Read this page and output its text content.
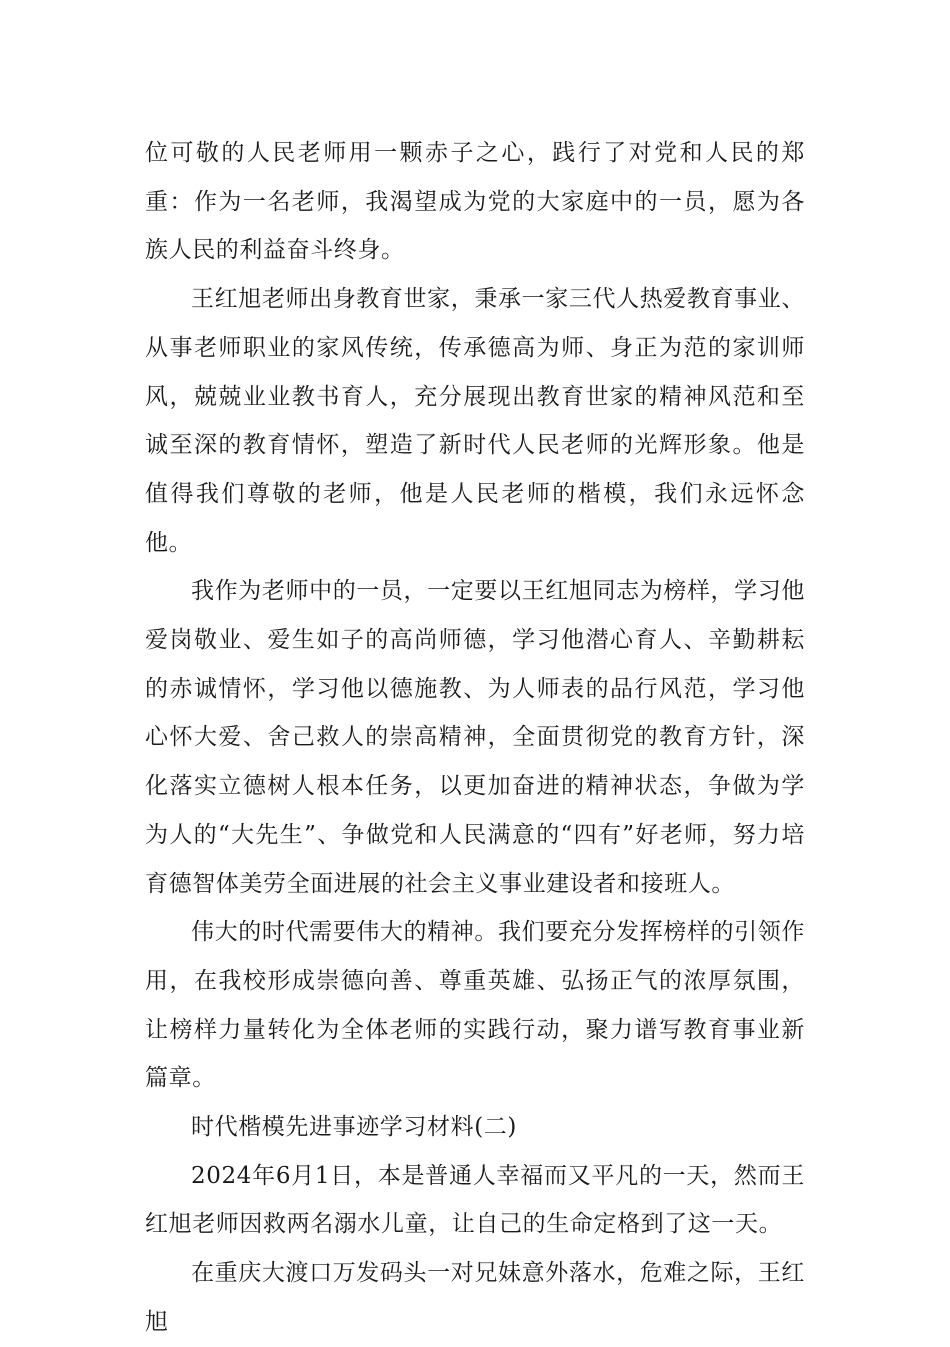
位可敬的人民老师用一颗赤子之心，践行了对党和人民的郑重：作为一名老师，我渴望成为党的大家庭中的一员，愿为各族人民的利益奋斗终身。

王红旭老师出身教育世家，秉承一家三代人热爱教育事业、从事老师职业的家风传统，传承德高为师、身正为范的家训师风，兢兢业业教书育人，充分展现出教育世家的精神风范和至诚至深的教育情怀，塑造了新时代人民老师的光辉形象。他是值得我们尊敬的老师，他是人民老师的楷模，我们永远怀念他。

我作为老师中的一员，一定要以王红旭同志为榜样，学习他爱岗敬业、爱生如子的高尚师德，学习他潜心育人、辛勤耕耘的赤诚情怀，学习他以德施教、为人师表的品行风范，学习他心怀大爱、舍己救人的崇高精神，全面贯彻党的教育方针，深化落实立德树人根本任务，以更加奋进的精神状态，争做为学为人的“大先生”、争做党和人民满意的“四有”好老师，努力培育德智体美劳全面进展的社会主义事业建设者和接班人。

伟大的时代需要伟大的精神。我们要充分发挥榜样的引领作用，在我校形成崇德向善、尊重英雄、弘扬正气的浓厚氛围，让榜样力量转化为全体老师的实践行动，聚力谱写教育事业新篇章。

时代楷模先进事迹学习材料(二)

2024年6月1日，本是普通人幸福而又平凡的一天，然而王红旭老师因救两名溺水儿童，让自己的生命定格到了这一天。

在重庆大渡口万发码头一对兄妹意外落水，危难之际，王红旭
